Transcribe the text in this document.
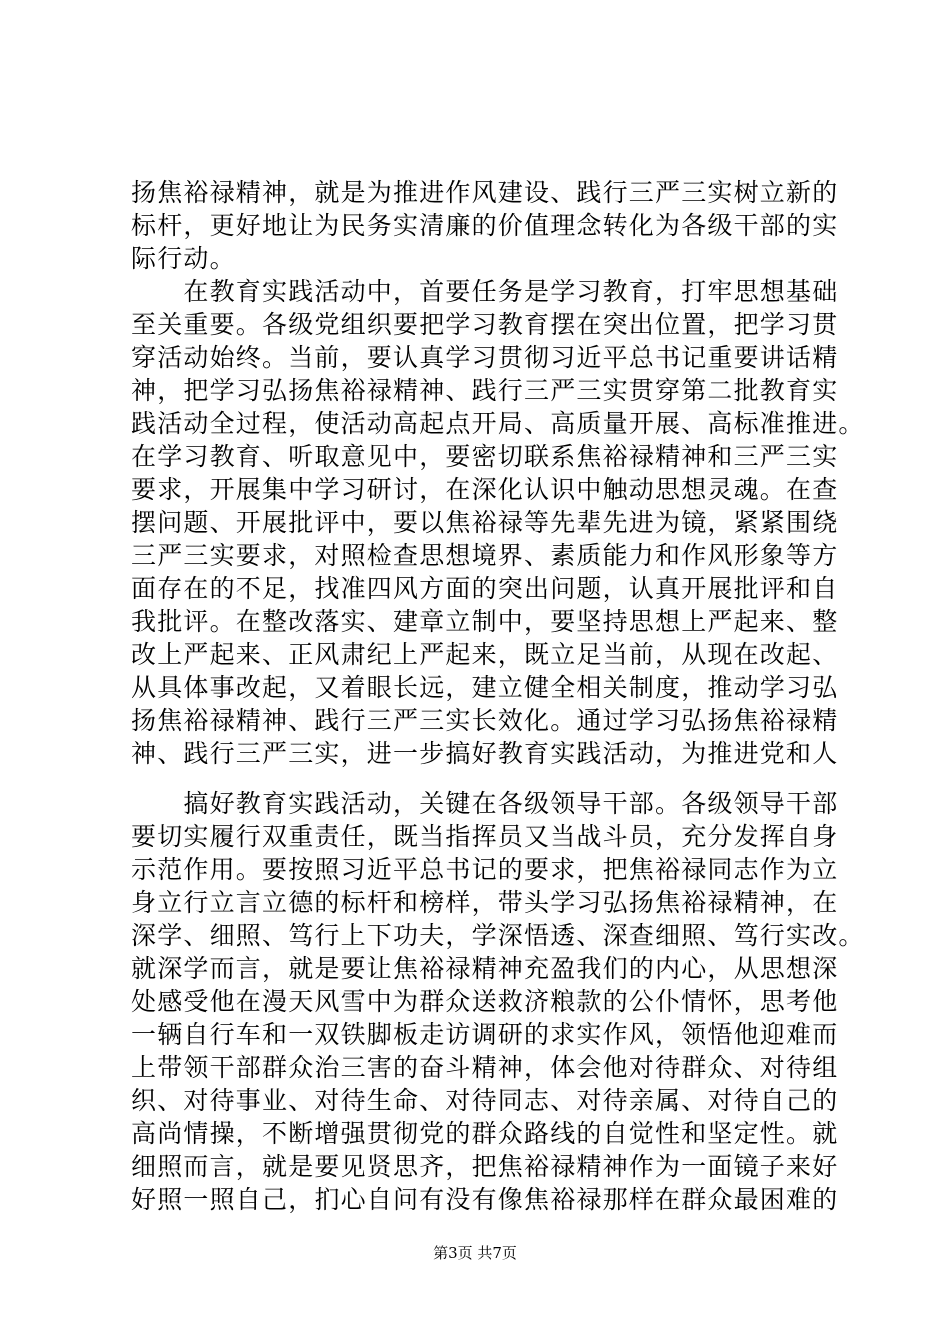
扬焦裕禄精神，就是为推进作风建设、践行三严三实树立新的
标杆，更好地让为民务实清廉的价值理念转化为各级干部的实
际行动。
　　在教育实践活动中，首要任务是学习教育，打牢思想基础
至关重要。各级党组织要把学习教育摆在突出位置，把学习贯
穿活动始终。当前，要认真学习贯彻习近平总书记重要讲话精
神，把学习弘扬焦裕禄精神、践行三严三实贯穿第二批教育实
践活动全过程，使活动高起点开局、高质量开展、高标准推进。
在学习教育、听取意见中，要密切联系焦裕禄精神和三严三实
要求，开展集中学习研讨，在深化认识中触动思想灵魂。在查
摆问题、开展批评中，要以焦裕禄等先辈先进为镜，紧紧围绕
三严三实要求，对照检查思想境界、素质能力和作风形象等方
面存在的不足，找准四风方面的突出问题，认真开展批评和自
我批评。在整改落实、建章立制中，要坚持思想上严起来、整
改上严起来、正风肃纪上严起来，既立足当前，从现在改起、
从具体事改起，又着眼长远，建立健全相关制度，推动学习弘
扬焦裕禄精神、践行三严三实长效化。通过学习弘扬焦裕禄精
神、践行三严三实，进一步搞好教育实践活动，为推进党和人
　　搞好教育实践活动，关键在各级领导干部。各级领导干部
要切实履行双重责任，既当指挥员又当战斗员，充分发挥自身
示范作用。要按照习近平总书记的要求，把焦裕禄同志作为立
身立行立言立德的标杆和榜样，带头学习弘扬焦裕禄精神，在
深学、细照、笃行上下功夫，学深悟透、深查细照、笃行实改。
就深学而言，就是要让焦裕禄精神充盈我们的内心，从思想深
处感受他在漫天风雪中为群众送救济粮款的公仆情怀，思考他
一辆自行车和一双铁脚板走访调研的求实作风，领悟他迎难而
上带领干部群众治三害的奋斗精神，体会他对待群众、对待组
织、对待事业、对待生命、对待同志、对待亲属、对待自己的
高尚情操，不断增强贯彻党的群众路线的自觉性和坚定性。就
细照而言，就是要见贤思齐，把焦裕禄精神作为一面镜子来好
好照一照自己，扪心自问有没有像焦裕禄那样在群众最困难的
第3页 共7页
